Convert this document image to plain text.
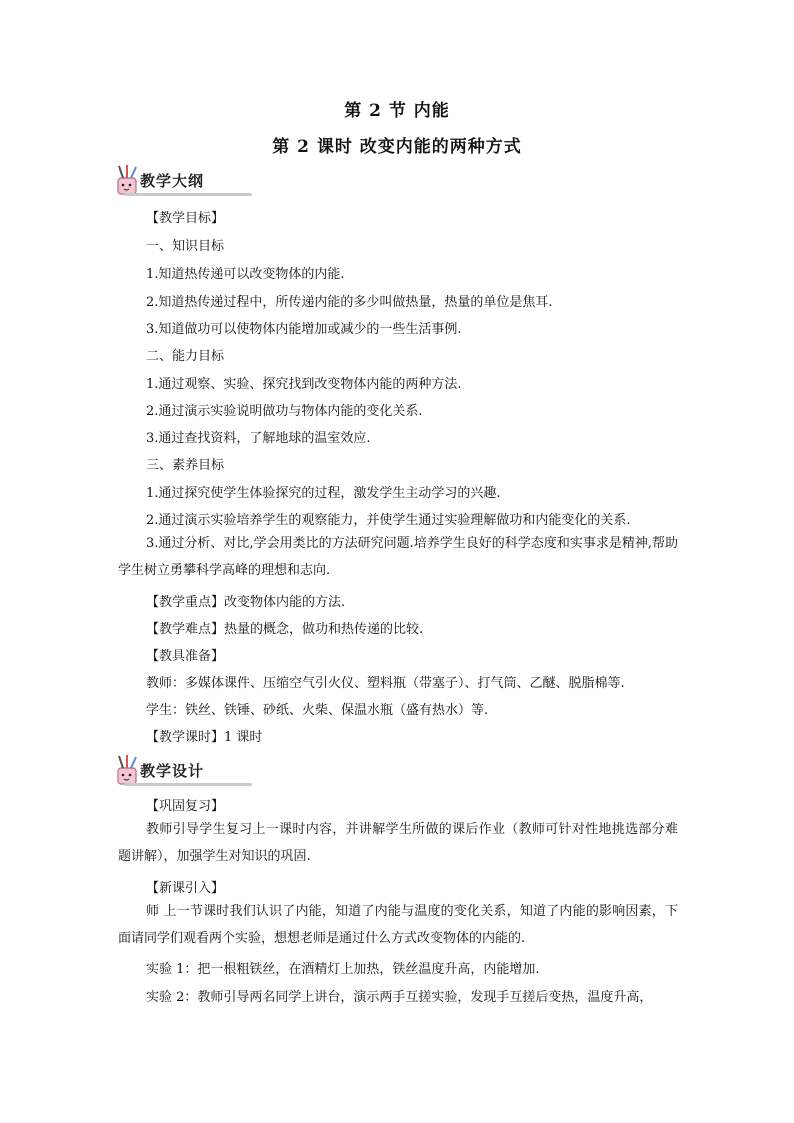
第 2 节 内能
第 2 课时 改变内能的两种方式
教学大纲
【教学目标】
一、知识目标
1.知道热传递可以改变物体的内能.
2.知道热传递过程中，所传递内能的多少叫做热量，热量的单位是焦耳.
3.知道做功可以使物体内能增加或减少的一些生活事例.
二、能力目标
1.通过观察、实验、探究找到改变物体内能的两种方法.
2.通过演示实验说明做功与物体内能的变化关系.
3.通过查找资料，了解地球的温室效应.
三、素养目标
1.通过探究使学生体验探究的过程，激发学生主动学习的兴趣.
2.通过演示实验培养学生的观察能力，并使学生通过实验理解做功和内能变化的关系.
3.通过分析、对比,学会用类比的方法研究问题.培养学生良好的科学态度和实事求是精神,帮助学生树立勇攀科学高峰的理想和志向.
【教学重点】改变物体内能的方法.
【教学难点】热量的概念，做功和热传递的比较.
【教具准备】
教师：多媒体课件、压缩空气引火仪、塑料瓶（带塞子）、打气筒、乙醚、脱脂棉等.
学生：铁丝、铁锤、砂纸、火柴、保温水瓶（盛有热水）等.
【教学课时】1 课时
教学设计
【巩固复习】
教师引导学生复习上一课时内容，并讲解学生所做的课后作业（教师可针对性地挑选部分难题讲解），加强学生对知识的巩固.
【新课引入】
师 上一节课时我们认识了内能，知道了内能与温度的变化关系，知道了内能的影响因素，下面请同学们观看两个实验，想想老师是通过什么方式改变物体的内能的.
实验 1：把一根粗铁丝，在酒精灯上加热，铁丝温度升高，内能增加.
实验 2：教师引导两名同学上讲台，演示两手互搓实验，发现手互搓后变热，温度升高，
